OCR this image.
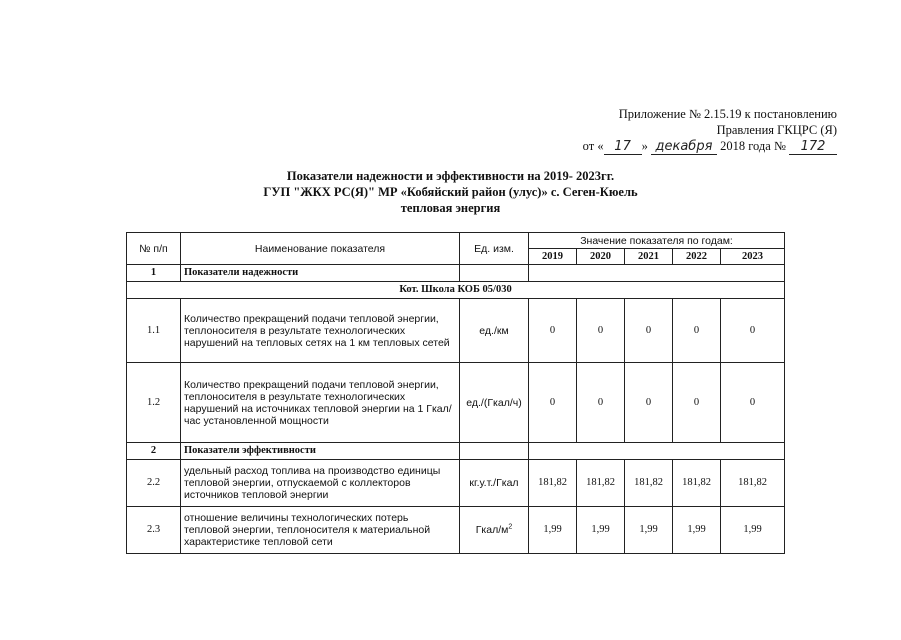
Приложение № 2.15.19 к постановлению
Правления ГКЦРС (Я)
от « 17 » декабря 2018 года № 172
Показатели надежности и эффективности на 2019- 2023гг.
ГУП "ЖКХ РС(Я)" МР «Кобяйский район (улус)» с. Сеген-Кюель
тепловая энергия
№ п/п	Наименование показателя	Ед. изм.	Значение показателя по годам:				
			2019	2020	2021	2022	2023
1	Показатели надежности						
Кот. Школа КОБ 05/030							
1.1	Количество прекращений подачи тепловой энергии, теплоносителя в результате технологических нарушений на тепловых сетях на 1 км тепловых сетей	ед./км	0	0	0	0	0
1.2	Количество прекращений подачи тепловой энергии, теплоносителя в результате технологических нарушений на источниках тепловой энергии на 1 Гкал/час установленной мощности	ед./(Гкал/ч)	0	0	0	0	0
2	Показатели эффективности						
2.2	удельный расход топлива на производство единицы тепловой энергии, отпускаемой с коллекторов источников тепловой энергии	кг.у.т./Гкал	181,82	181,82	181,82	181,82	181,82
2.3	отношение величины технологических потерь тепловой энергии, теплоносителя к материальной характеристике тепловой сети	Гкал/$м^2$	1,99	1,99	1,99	1,99	1,99
